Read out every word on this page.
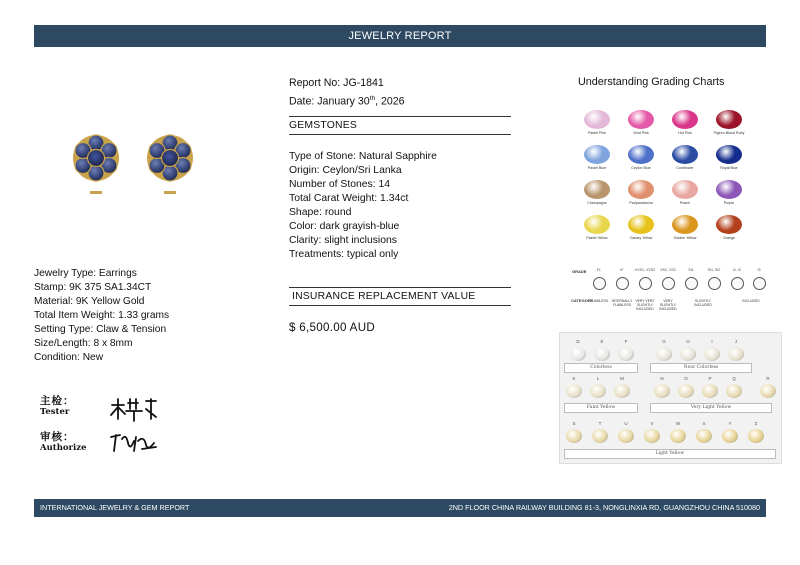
JEWELRY REPORT
Jewelry Type: Earrings
Stamp: 9K 375 SA1.34CT
Material: 9K Yellow Gold
Total Item Weight: 1.33 grams
Setting Type: Claw & Tension
Size/Length: 8 x 8mm
Condition: New
主检：
Tester
审核：
Authorize
Report No: JG-1841
Date: January 30th, 2026
GEMSTONES
Type of Stone: Natural Sapphire
Origin: Ceylon/Sri Lanka
Number of Stones: 14
Total Carat Weight: 1.34ct
Shape: round
Color: dark grayish-blue
Clarity: slight inclusions
Treatments: typical only
INSURANCE REPLACEMENT VALUE
$ 6,500.00 AUD
Understanding Grading Charts
Pastel Pink	Vivid Pink	Hot Pink	Pigeon Blood Ruby
Pastel Blue	Ceylon Blue	Cornflower	Royal Blue
Champagne	Padparadscha	Peach	Purple
Pastel Yellow	Canary Yellow	Golden Yellow	Orange
GRADE
CATEGORY
FL	IF	VVS1, VVS2	VS1, VS2	SI1	SI1, SI2	I1, I2	I3
FLAWLESS	INTERNALLY FLAWLESS
VERY VERY SLIGHTLY INCLUDED
VERY SLIGHTLY INCLUDED
SLIGHTLY INCLUDED
INCLUDED
D	E	F	G	H	I	J
K	L	M	N	O	P	Q	R
S	T	U	V	W	X	Y	Z
Colorless	Near Colorless
Faint Yellow	Very Light Yellow
Light Yellow
INTERNATIONAL JEWELRY & GEM REPORT	2ND FLOOR CHINA RAILWAY BUILDING 81-3, NONGLINXIA RD, GUANGZHOU CHINA 510080
